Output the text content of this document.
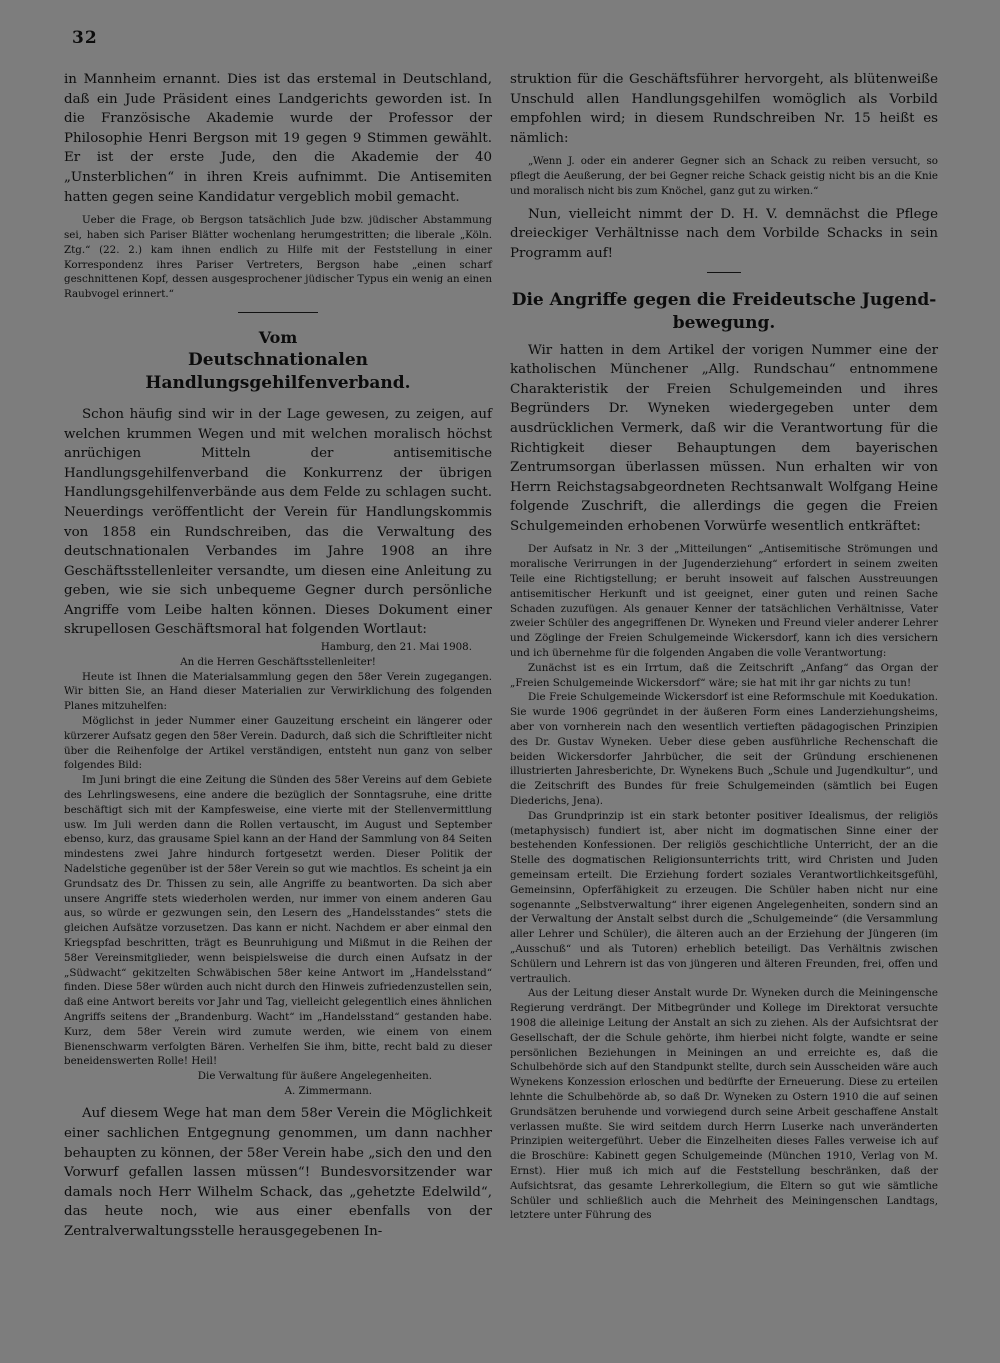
32

in Mannheim ernannt. Dies ist das erstemal in Deutschland, daß ein Jude Präsident eines Landgerichts geworden ist. In die Französische Akademie wurde der Professor der Philosophie Henri Bergson mit 19 gegen 9 Stimmen gewählt. Er ist der erste Jude, den die Akademie der 40 „Unsterblichen“ in ihren Kreis aufnimmt. Die Antisemiten hatten gegen seine Kandidatur vergeblich mobil gemacht.

Ueber die Frage, ob Bergson tatsächlich Jude bzw. jüdischer Abstammung sei, haben sich Pariser Blätter wochenlang herumgestritten; die liberale „Köln. Ztg.“ (22. 2.) kam ihnen endlich zu Hilfe mit der Feststellung in einer Korrespondenz ihres Pariser Vertreters, Bergson habe „einen scharf geschnittenen Kopf, dessen ausgesprochener jüdischer Typus ein wenig an einen Raubvogel erinnert.“

Vom
Deutschnationalen Handlungsgehilfenverband.

Schon häufig sind wir in der Lage gewesen, zu zeigen, auf welchen krummen Wegen und mit welchen moralisch höchst anrüchigen Mitteln der antisemitische Handlungsgehilfenverband die Konkurrenz der übrigen Handlungsgehilfenverbände aus dem Felde zu schlagen sucht. Neuerdings veröffentlicht der Verein für Handlungskommis von 1858 ein Rundschreiben, das die Verwaltung des deutschnationalen Verbandes im Jahre 1908 an ihre Geschäftsstellenleiter versandte, um diesen eine Anleitung zu geben, wie sie sich unbequeme Gegner durch persönliche Angriffe vom Leibe halten können. Dieses Dokument einer skrupellosen Geschäftsmoral hat folgenden Wortlaut:

Hamburg, den 21. Mai 1908.

An die Herren Geschäftsstellenleiter!

Heute ist Ihnen die Materialsammlung gegen den 58er Verein zugegangen. Wir bitten Sie, an Hand dieser Materialien zur Verwirklichung des folgenden Planes mitzuhelfen:

Möglichst in jeder Nummer einer Gauzeitung erscheint ein längerer oder kürzerer Aufsatz gegen den 58er Verein. Dadurch, daß sich die Schriftleiter nicht über die Reihenfolge der Artikel verständigen, entsteht nun ganz von selber folgendes Bild:

Im Juni bringt die eine Zeitung die Sünden des 58er Vereins auf dem Gebiete des Lehrlingswesens, eine andere die bezüglich der Sonntagsruhe, eine dritte beschäftigt sich mit der Kampfesweise, eine vierte mit der Stellenvermittlung usw. Im Juli werden dann die Rollen vertauscht, im August und September ebenso, kurz, das grausame Spiel kann an der Hand der Sammlung von 84 Seiten mindestens zwei Jahre hindurch fortgesetzt werden. Dieser Politik der Nadelstiche gegenüber ist der 58er Verein so gut wie machtlos. Es scheint ja ein Grundsatz des Dr. Thissen zu sein, alle Angriffe zu beantworten. Da sich aber unsere Angriffe stets wiederholen werden, nur immer von einem anderen Gau aus, so würde er gezwungen sein, den Lesern des „Handelsstandes“ stets die gleichen Aufsätze vorzusetzen. Das kann er nicht. Nachdem er aber einmal den Kriegspfad beschritten, trägt es Beunruhigung und Mißmut in die Reihen der 58er Vereinsmitglieder, wenn beispielsweise die durch einen Aufsatz in der „Südwacht“ gekitzelten Schwäbischen 58er keine Antwort im „Handelsstand“ finden. Diese 58er würden auch nicht durch den Hinweis zufriedenzustellen sein, daß eine Antwort bereits vor Jahr und Tag, vielleicht gelegentlich eines ähnlichen Angriffs seitens der „Brandenburg. Wacht“ im „Handelsstand“ gestanden habe. Kurz, dem 58er Verein wird zumute werden, wie einem von einem Bienenschwarm verfolgten Bären. Verhelfen Sie ihm, bitte, recht bald zu dieser beneidenswerten Rolle! Heil!

Die Verwaltung für äußere Angelegenheiten.

A. Zimmermann.

Auf diesem Wege hat man dem 58er Verein die Möglichkeit einer sachlichen Entgegnung genommen, um dann nachher behaupten zu können, der 58er Verein habe „sich den und den Vorwurf gefallen lassen müssen“! Bundesvorsitzender war damals noch Herr Wilhelm Schack, das „gehetzte Edelwild“, das heute noch, wie aus einer ebenfalls von der Zentralverwaltungsstelle herausgegebenen In-

struktion für die Geschäftsführer hervorgeht, als blütenweiße Unschuld allen Handlungsgehilfen womöglich als Vorbild empfohlen wird; in diesem Rundschreiben Nr. 15 heißt es nämlich:

„Wenn J. oder ein anderer Gegner sich an Schack zu reiben versucht, so pflegt die Aeußerung, der bei Gegner reiche Schack geistig nicht bis an die Knie und moralisch nicht bis zum Knöchel, ganz gut zu wirken.“

Nun, vielleicht nimmt der D. H. V. demnächst die Pflege dreieckiger Verhältnisse nach dem Vorbilde Schacks in sein Programm auf!

Die Angriffe gegen die Freideutsche Jugend-
bewegung.

Wir hatten in dem Artikel der vorigen Nummer eine der katholischen Münchener „Allg. Rundschau“ entnommene Charakteristik der Freien Schulgemeinden und ihres Begründers Dr. Wyneken wiedergegeben unter dem ausdrücklichen Vermerk, daß wir die Verantwortung für die Richtigkeit dieser Behauptungen dem bayerischen Zentrumsorgan überlassen müssen. Nun erhalten wir von Herrn Reichstagsabgeordneten Rechtsanwalt Wolfgang Heine folgende Zuschrift, die allerdings die gegen die Freien Schulgemeinden erhobenen Vorwürfe wesentlich entkräftet:

Der Aufsatz in Nr. 3 der „Mitteilungen“ „Antisemitische Strömungen und moralische Verirrungen in der Jugenderziehung“ erfordert in seinem zweiten Teile eine Richtigstellung; er beruht insoweit auf falschen Ausstreuungen antisemitischer Herkunft und ist geeignet, einer guten und reinen Sache Schaden zuzufügen. Als genauer Kenner der tatsächlichen Verhältnisse, Vater zweier Schüler des angegriffenen Dr. Wyneken und Freund vieler anderer Lehrer und Zöglinge der Freien Schulgemeinde Wickersdorf, kann ich dies versichern und ich übernehme für die folgenden Angaben die volle Verantwortung:

Zunächst ist es ein Irrtum, daß die Zeitschrift „Anfang“ das Organ der „Freien Schulgemeinde Wickersdorf“ wäre; sie hat mit ihr gar nichts zu tun!

Die Freie Schulgemeinde Wickersdorf ist eine Reformschule mit Koedukation. Sie wurde 1906 gegründet in der äußeren Form eines Landerziehungsheims, aber von vornherein nach den wesentlich vertieften pädagogischen Prinzipien des Dr. Gustav Wyneken. Ueber diese geben ausführliche Rechenschaft die beiden Wickersdorfer Jahrbücher, die seit der Gründung erschienenen illustrierten Jahresberichte, Dr. Wynekens Buch „Schule und Jugendkultur“, und die Zeitschrift des Bundes für freie Schulgemeinden (sämtlich bei Eugen Diederichs, Jena).

Das Grundprinzip ist ein stark betonter positiver Idealismus, der religiös (metaphysisch) fundiert ist, aber nicht im dogmatischen Sinne einer der bestehenden Konfessionen. Der religiös geschichtliche Unterricht, der an die Stelle des dogmatischen Religionsunterrichts tritt, wird Christen und Juden gemeinsam erteilt. Die Erziehung fordert soziales Verantwortlichkeitsgefühl, Gemeinsinn, Opferfähigkeit zu erzeugen. Die Schüler haben nicht nur eine sogenannte „Selbstverwaltung“ ihrer eigenen Angelegenheiten, sondern sind an der Verwaltung der Anstalt selbst durch die „Schulgemeinde“ (die Versammlung aller Lehrer und Schüler), die älteren auch an der Erziehung der Jüngeren (im „Ausschuß“ und als Tutoren) erheblich beteiligt. Das Verhältnis zwischen Schülern und Lehrern ist das von jüngeren und älteren Freunden, frei, offen und vertraulich.

Aus der Leitung dieser Anstalt wurde Dr. Wyneken durch die Meiningensche Regierung verdrängt. Der Mitbegründer und Kollege im Direktorat versuchte 1908 die alleinige Leitung der Anstalt an sich zu ziehen. Als der Aufsichtsrat der Gesellschaft, der die Schule gehörte, ihm hierbei nicht folgte, wandte er seine persönlichen Beziehungen in Meiningen an und erreichte es, daß die Schulbehörde sich auf den Standpunkt stellte, durch sein Ausscheiden wäre auch Wynekens Konzession erloschen und bedürfte der Erneuerung. Diese zu erteilen lehnte die Schulbehörde ab, so daß Dr. Wyneken zu Ostern 1910 die auf seinen Grundsätzen beruhende und vorwiegend durch seine Arbeit geschaffene Anstalt verlassen mußte. Sie wird seitdem durch Herrn Luserke nach unveränderten Prinzipien weitergeführt. Ueber die Einzelheiten dieses Falles verweise ich auf die Broschüre: Kabinett gegen Schulgemeinde (München 1910, Verlag von M. Ernst). Hier muß ich mich auf die Feststellung beschränken, daß der Aufsichtsrat, das gesamte Lehrerkollegium, die Eltern so gut wie sämtliche Schüler und schließlich auch die Mehrheit des Meiningenschen Landtags, letztere unter Führung des
